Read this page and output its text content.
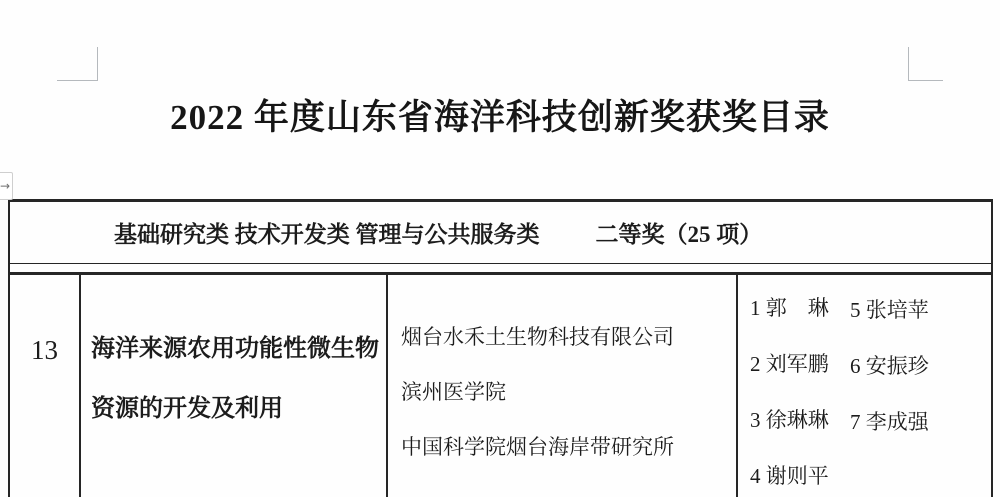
2022 年度山东省海洋科技创新奖获奖目录
→
基础研究类 技术开发类 管理与公共服务类 二等奖（25 项）
13	海洋来源农用功能性微生物
资源的开发及利用
烟台水禾土生物科技有限公司
滨州医学院
中国科学院烟台海岸带研究所
1 郭　琳
2 刘军鹏
3 徐琳琳
4 谢则平
5 张培苹
6 安振珍
7 李成强
